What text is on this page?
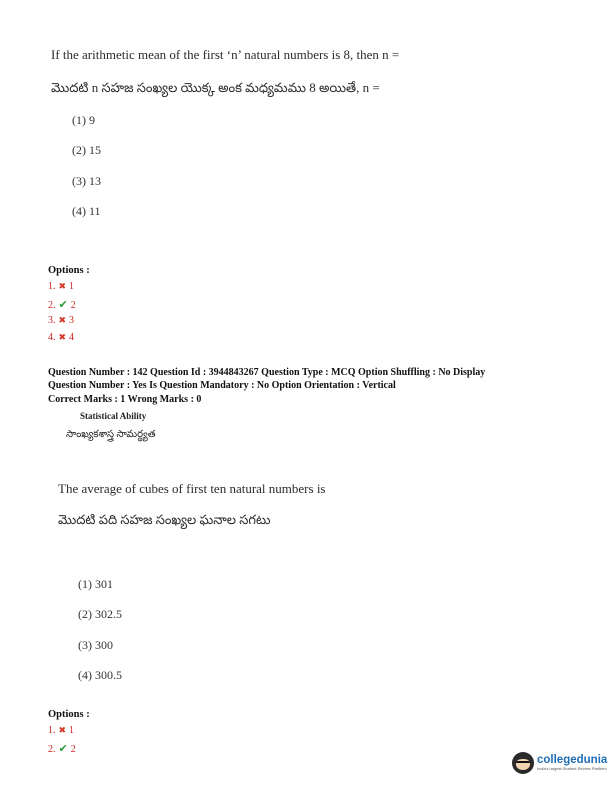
If the arithmetic mean of the first ‘n’ natural numbers is 8, then n =
మొదటి n సహజ సంఖ్యల యొక్క అంక మధ్యమము 8 అయితే, n =
(1) 9
(2) 15
(3) 13
(4) 11
Options :
1. ✖ 1
2. ✔ 2
3. ✖ 3
4. ✖ 4
Question Number : 142 Question Id : 3944843267 Question Type : MCQ Option Shuffling : No Display
Question Number : Yes Is Question Mandatory : No Option Orientation : Vertical
Correct Marks : 1 Wrong Marks : 0
Statistical Ability
సాంఖ్యకశాస్త్ర సామర్థ్యత
The average of cubes of first ten natural numbers is
మొదటి పది సహజ సంఖ్యల ఘనాల సగటు
(1) 301
(2) 302.5
(3) 300
(4) 300.5
Options :
1. ✖ 1
2. ✔ 2
collegedunia
India's largest Student Review Platform
